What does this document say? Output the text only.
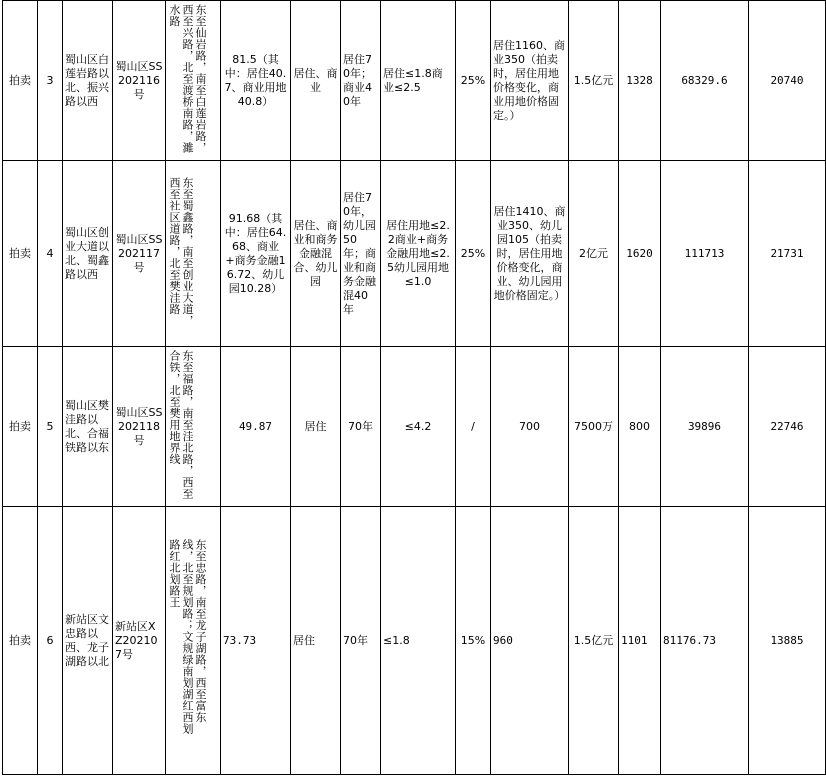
拍卖	3	蜀山区白莲岩路以北、振兴路以西	蜀山区SS202116号	东至仙岩路，南至白莲岩路，西至兴路，北至渡桥南路，濉水路	81.5（其中：居住40.7、商业用地40.8）	居住、商业	居住70年；商业40年	居住≤1.8商业≤2.5	25%	居住1160、商业350（拍卖时，居住用地价格变化，商业用地价格固定。）	1.5亿元	1328	68329.6	20740
拍卖	4	蜀山区创业大道以北、蜀鑫路以西	蜀山区SS202117号	东至蜀鑫路，南至创业大道，西至社区道路，北至樊洼路	91.68（其中：居住64.68、商业+商务金融16.72、幼儿园10.28）	居住、商业和商务金融混合、幼儿园	居住70年，幼儿园50年；商业和商务金融混40年	居住用地≤2.2商业+商务金融用地≤2.5幼儿园用地≤1.0	25%	居住1410、商业350、幼儿园105（拍卖时，居住用地价格变化，商业、幼儿园用地价格固定。）	2亿元	1620	111713	21731
拍卖	5	蜀山区樊洼路以北、合福铁路以东	蜀山区SS202118号	东至福路，南至洼北路，西至合铁，北至樊用地界线	49.87	居住	70年	≤4.2	/	700	7500万	800	39896	22746
拍卖	6	新站区文忠路以西、龙子湖路以北	新站区XZ202107号	东至忠路，南至龙子湖路，西至富东线，北至规划路；文规绿南划湖红西划路红北划路王	73.73	居住	70年	≤1.8	15%	960	1.5亿元	1101	81176.73	13885
